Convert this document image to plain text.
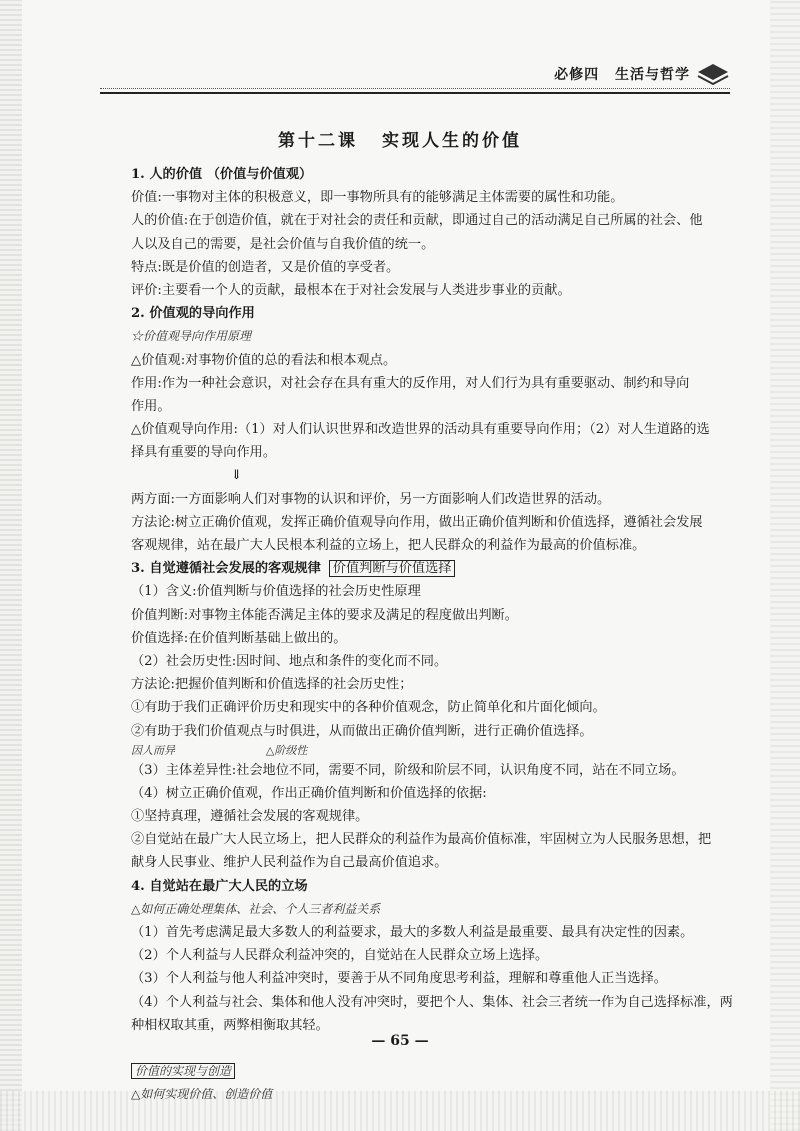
必修四 生活与哲学
第十二课 实现人生的价值
1. 人的价值 （价值与价值观）
价值:一事物对主体的积极意义，即一事物所具有的能够满足主体需要的属性和功能。
人的价值:在于创造价值，就在于对社会的责任和贡献，即通过自己的活动满足自己所属的社会、他
人以及自己的需要，是社会价值与自我价值的统一。
特点:既是价值的创造者，又是价值的享受者。
评价:主要看一个人的贡献，最根本在于对社会发展与人类进步事业的贡献。
2. 价值观的导向作用
☆价值观导向作用原理
△价值观:对事物价值的总的看法和根本观点。
作用:作为一种社会意识，对社会存在具有重大的反作用，对人们行为具有重要驱动、制约和导向
作用。
△价值观导向作用:（1）对人们认识世界和改造世界的活动具有重要导向作用；（2）对人生道路的选
择具有重要的导向作用。
⇓
两方面:一方面影响人们对事物的认识和评价，另一方面影响人们改造世界的活动。
方法论:树立正确价值观，发挥正确价值观导向作用，做出正确价值判断和价值选择，遵循社会发展
客观规律，站在最广大人民根本利益的立场上，把人民群众的利益作为最高的价值标准。
3. 自觉遵循社会发展的客观规律 价值判断与价值选择
（1）含义:价值判断与价值选择的社会历史性原理
价值判断:对事物主体能否满足主体的要求及满足的程度做出判断。
价值选择:在价值判断基础上做出的。
（2）社会历史性:因时间、地点和条件的变化而不同。
方法论:把握价值判断和价值选择的社会历史性；
①有助于我们正确评价历史和现实中的各种价值观念，防止简单化和片面化倾向。
②有助于我们价值观点与时俱进，从而做出正确价值判断，进行正确价值选择。
因人而异                          △阶级性
（3）主体差异性:社会地位不同，需要不同，阶级和阶层不同，认识角度不同，站在不同立场。
（4）树立正确价值观，作出正确价值判断和价值选择的依据:
①坚持真理，遵循社会发展的客观规律。
②自觉站在最广大人民立场上，把人民群众的利益作为最高价值标准，牢固树立为人民服务思想，把
献身人民事业、维护人民利益作为自己最高价值追求。
4. 自觉站在最广大人民的立场
△如何正确处理集体、社会、个人三者利益关系
（1）首先考虑满足最大多数人的利益要求，最大的多数人利益是最重要、最具有决定性的因素。
（2）个人利益与人民群众利益冲突的，自觉站在人民群众立场上选择。
（3）个人利益与他人利益冲突时，要善于从不同角度思考利益，理解和尊重他人正当选择。
（4）个人利益与社会、集体和他人没有冲突时，要把个人、集体、社会三者统一作为自己选择标准，两
种相权取其重，两弊相衡取其轻。
价值的实现与创造
△如何实现价值、创造价值
— 65 —
